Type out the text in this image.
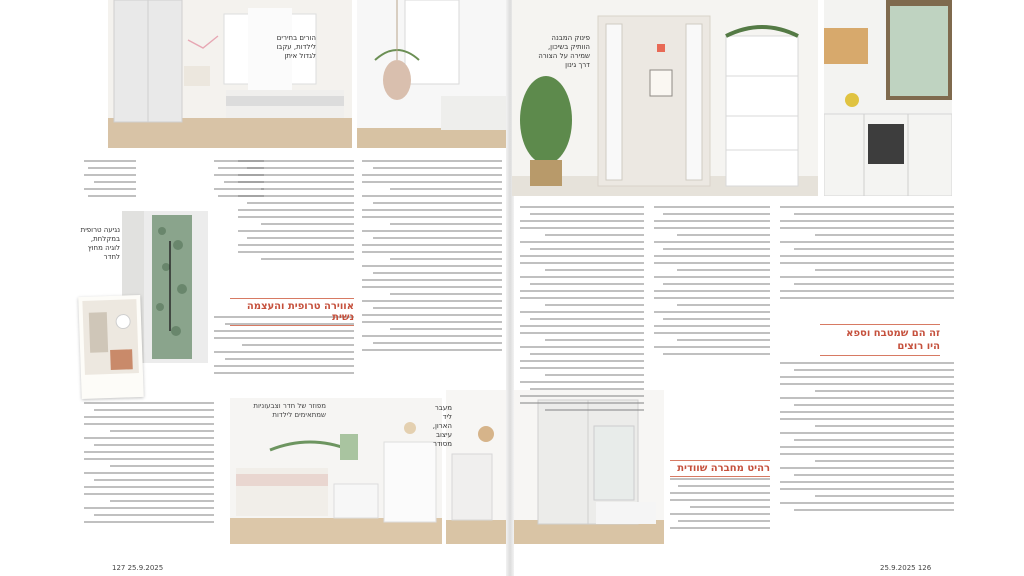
הורים בחירים לילדות, עקבו לגדול איתן
נגיעה טרופית במקלחת, לוגיה מחוץ לחדר
מפוזר של חדר וצבעוניות שמתאימים לילדות
מעבר ליד הארון, עיצוב מסודר
אווירה טרופית והעצמה נשית
פינוק המבנה הוותיק בשיכון, שמירה על הצורה דרך גינון
רהיט מחברה שוודית
זה הם שמטבח וספא
היו רוצים
127 25.9.2025	25.9.2025 126
